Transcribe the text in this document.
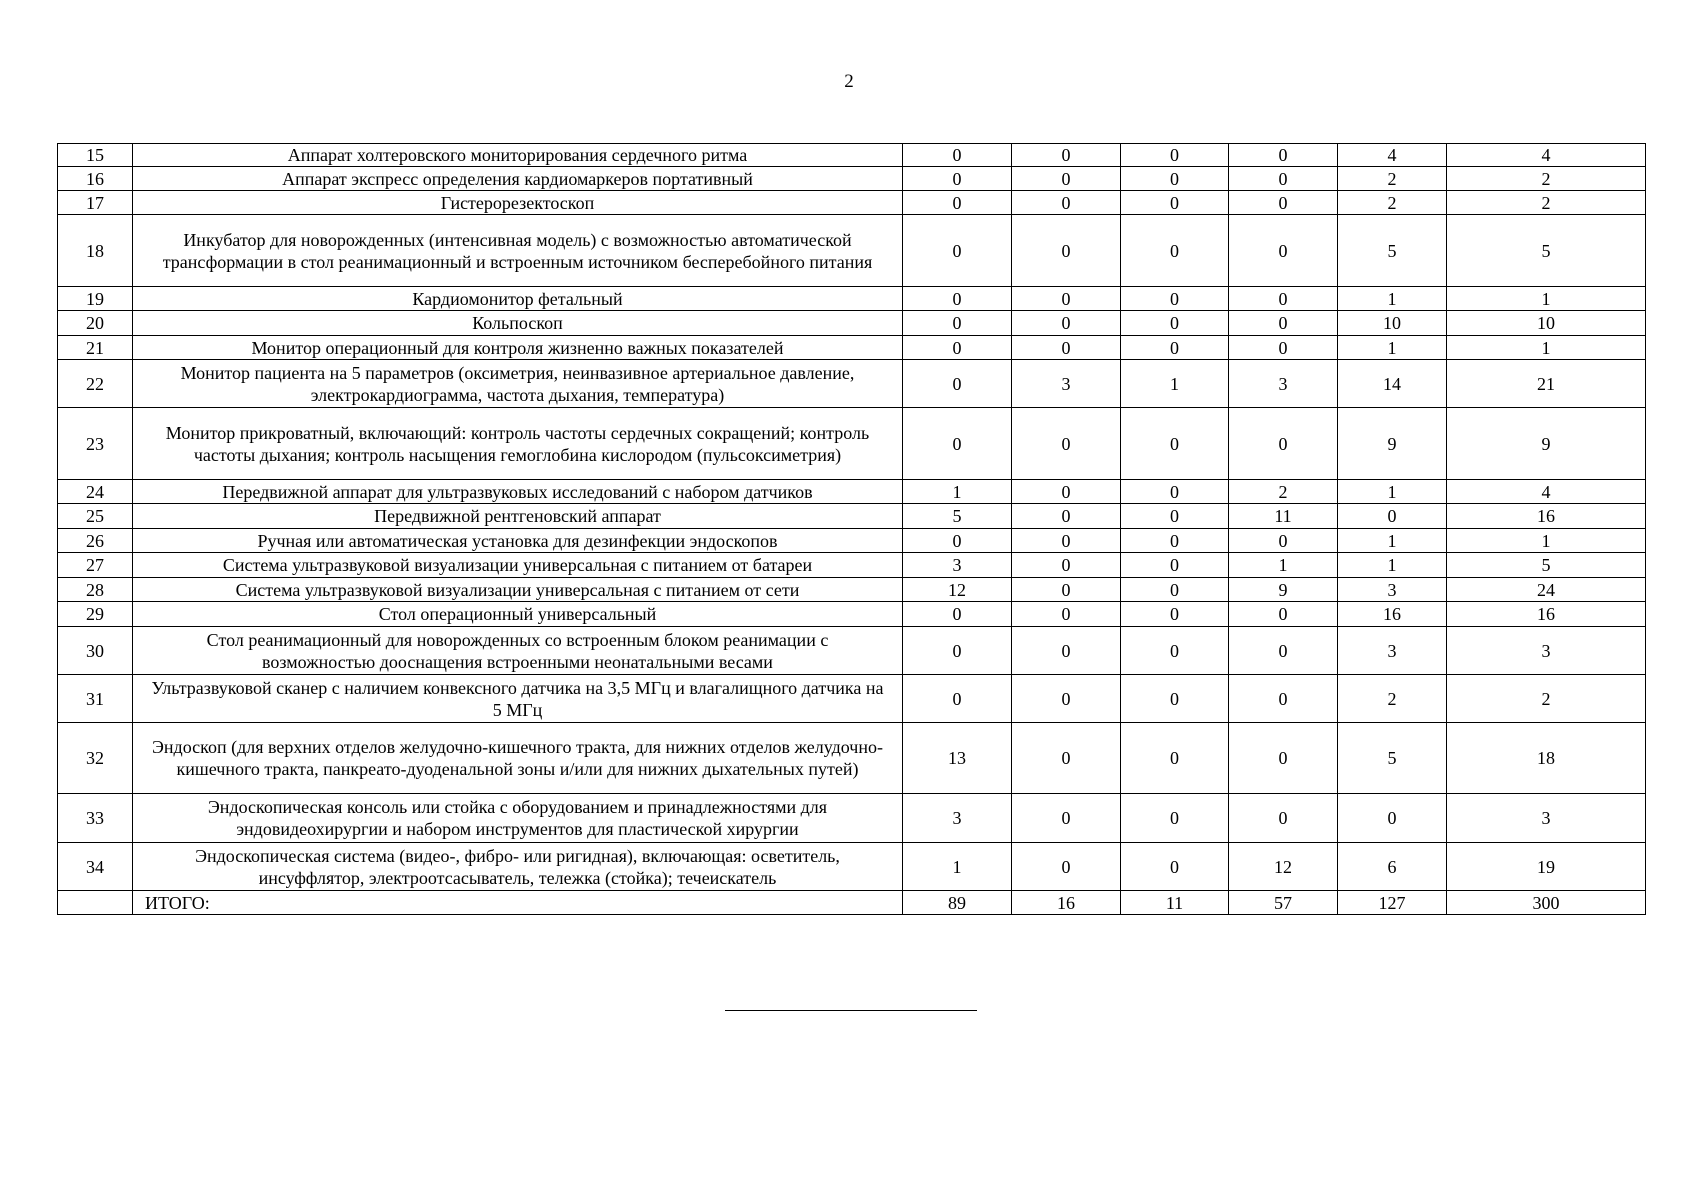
2
15	Аппарат холтеровского мониторирования сердечного ритма	0	0	0	0	4	4
16	Аппарат экспресс определения кардиомаркеров портативный	0	0	0	0	2	2
17	Гистерорезектоскоп	0	0	0	0	2	2
18	Инкубатор для новорожденных (интенсивная модель) с возможностью автоматической трансформации в стол реанимационный и встроенным источником бесперебойного питания	0	0	0	0	5	5
19	Кардиомонитор фетальный	0	0	0	0	1	1
20	Кольпоскоп	0	0	0	0	10	10
21	Монитор операционный для контроля жизненно важных показателей	0	0	0	0	1	1
22	Монитор пациента на 5 параметров (оксиметрия, неинвазивное артериальное давление, электрокардиограмма, частота дыхания, температура)	0	3	1	3	14	21
23	Монитор прикроватный, включающий: контроль частоты сердечных сокращений; контроль частоты дыхания; контроль насыщения гемоглобина кислородом (пульсоксиметрия)	0	0	0	0	9	9
24	Передвижной аппарат для ультразвуковых исследований с набором датчиков	1	0	0	2	1	4
25	Передвижной рентгеновский аппарат	5	0	0	11	0	16
26	Ручная или автоматическая установка для дезинфекции эндоскопов	0	0	0	0	1	1
27	Система ультразвуковой визуализации универсальная с питанием от батареи	3	0	0	1	1	5
28	Система ультразвуковой визуализации универсальная с питанием от сети	12	0	0	9	3	24
29	Стол операционный универсальный	0	0	0	0	16	16
30	Стол реанимационный для новорожденных со встроенным блоком реанимации с возможностью дооснащения встроенными неонатальными весами	0	0	0	0	3	3
31	Ультразвуковой сканер с наличием конвексного датчика на 3,5 МГц и влагалищного датчика на 5 МГц	0	0	0	0	2	2
32	Эндоскоп (для верхних отделов желудочно-кишечного тракта, для нижних отделов желудочно-кишечного тракта, панкреато-дуоденальной зоны и/или для нижних дыхательных путей)	13	0	0	0	5	18
33	Эндоскопическая консоль или стойка с оборудованием и принадлежностями для эндовидеохирургии и набором инструментов для пластической хирургии	3	0	0	0	0	3
34	Эндоскопическая система (видео-, фибро- или ригидная), включающая: осветитель, инсуффлятор, электроотсасыватель, тележка (стойка); течеискатель	1	0	0	12	6	19
	ИТОГО:	89	16	11	57	127	300
